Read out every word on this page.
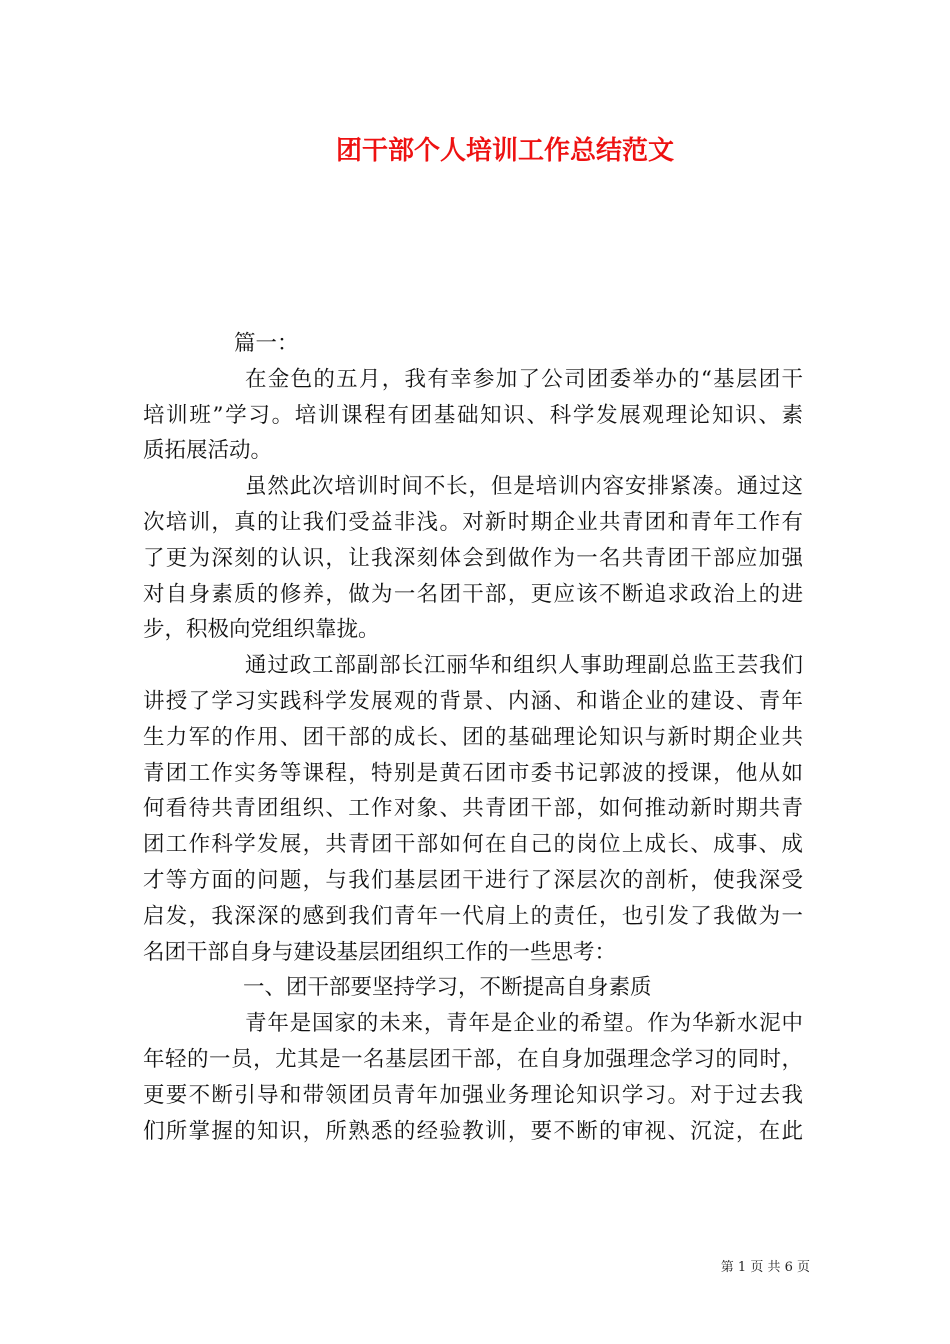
团干部个人培训工作总结范文
篇一：
在金色的五月，我有幸参加了公司团委举办的“基层团干
培训班”学习。培训课程有团基础知识、科学发展观理论知识、素
质拓展活动。
虽然此次培训时间不长，但是培训内容安排紧凑。通过这
次培训，真的让我们受益非浅。对新时期企业共青团和青年工作有
了更为深刻的认识，让我深刻体会到做作为一名共青团干部应加强
对自身素质的修养，做为一名团干部，更应该不断追求政治上的进
步，积极向党组织靠拢。
通过政工部副部长江丽华和组织人事助理副总监王芸我们
讲授了学习实践科学发展观的背景、内涵、和谐企业的建设、青年
生力军的作用、团干部的成长、团的基础理论知识与新时期企业共
青团工作实务等课程，特别是黄石团市委书记郭波的授课，他从如
何看待共青团组织、工作对象、共青团干部，如何推动新时期共青
团工作科学发展，共青团干部如何在自己的岗位上成长、成事、成
才等方面的问题，与我们基层团干进行了深层次的剖析，使我深受
启发，我深深的感到我们青年一代肩上的责任，也引发了我做为一
名团干部自身与建设基层团组织工作的一些思考：
一、团干部要坚持学习，不断提高自身素质
青年是国家的未来，青年是企业的希望。作为华新水泥中
年轻的一员，尤其是一名基层团干部，在自身加强理念学习的同时，
更要不断引导和带领团员青年加强业务理论知识学习。对于过去我
们所掌握的知识，所熟悉的经验教训，要不断的审视、沉淀，在此
第 1 页 共 6 页
